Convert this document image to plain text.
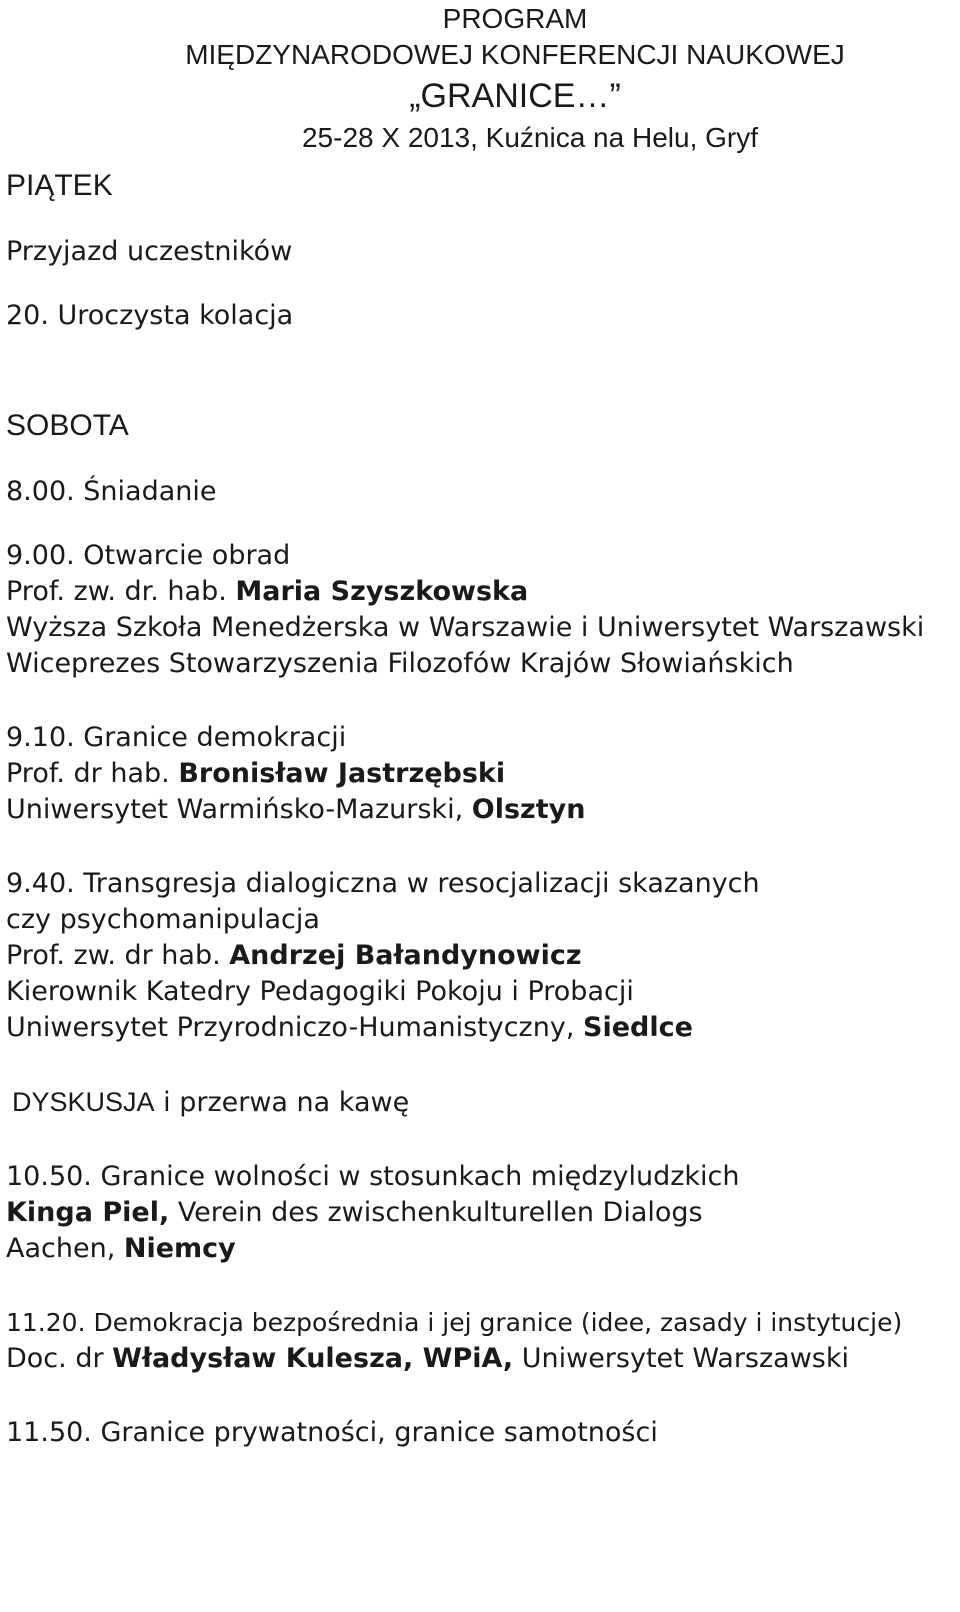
PROGRAM
MIĘDZYNARODOWEJ KONFERENCJI NAUKOWEJ
„GRANICE…”
25-28 X 2013, Kuźnica na Helu, Gryf
PIĄTEK
Przyjazd uczestników
20. Uroczysta kolacja
SOBOTA
8.00. Śniadanie
9.00. Otwarcie obrad
Prof. zw. dr. hab. Maria Szyszkowska
Wyższa Szkoła Menedżerska w Warszawie i Uniwersytet Warszawski
Wiceprezes Stowarzyszenia Filozofów Krajów Słowiańskich
9.10. Granice demokracji
Prof. dr hab. Bronisław Jastrzębski
Uniwersytet Warmińsko-Mazurski, Olsztyn
9.40. Transgresja dialogiczna w resocjalizacji skazanych
czy psychomanipulacja
Prof. zw. dr hab. Andrzej Bałandynowicz
Kierownik Katedry Pedagogiki Pokoju i Probacji
Uniwersytet Przyrodniczo-Humanistyczny, Siedlce
DYSKUSJA i przerwa na kawę
10.50. Granice wolności w stosunkach międzyludzkich
Kinga Piel, Verein des zwischenkulturellen Dialogs
Aachen, Niemcy
11.20. Demokracja bezpośrednia i jej granice (idee, zasady i instytucje)
Doc. dr Władysław Kulesza, WPiA, Uniwersytet Warszawski
11.50. Granice prywatności, granice samotności
